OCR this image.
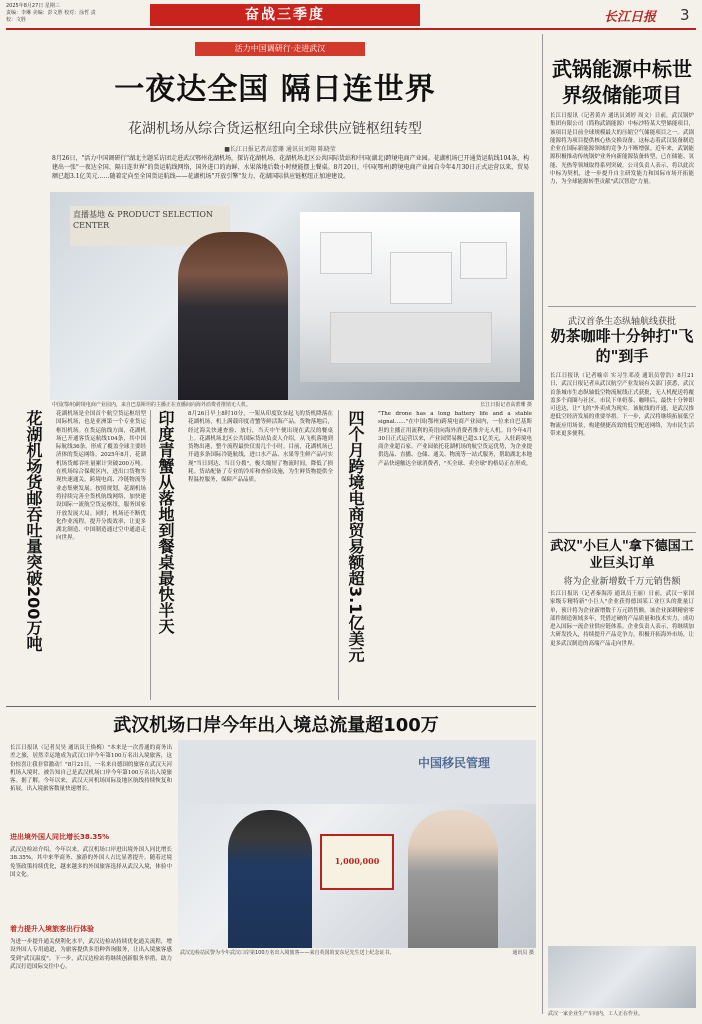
2025年8月27日 星期三
责编：李琳 美编：彭文胜 校对：涂哲 责校：文胜	奋战三季度	长江日报 3
活力中国调研行·走进武汉
一夜达全国 隔日连世界
花湖机场从综合货运枢纽向全球供应链枢纽转型
■长江日报记者高蕾珊 通讯员刘翔 陈晓莹
8月26日，"活力中国调研行"湖北主题采访团走进武汉鄂州花湖机场，探访花湖机场、花湖机场北区公共国际货站和中国(湖北)跨境电商产业园。花湖机场已开通货运航线104条，构建出一张"一夜达全国、隔日连世界"的货运航线网络，国外进口的海鲜、水果落地后数小时便能摆上餐桌。8月20日，中国(鄂州)跨境电商产业园自今年4月30日正式运营以来，贸易额已超3.1亿美元……随着定向至全国货运航线——花湖机场"开放引擎"发力，花湖国际供应链枢纽正加速建设。
直播基地 & PRODUCT SELECTION CENTER
中国(鄂州)跨境电商产业园内，来自巴基斯坦的主播正在直播间向海外消费者推销无人机。	长江日报记者高蕾珊 摄
花湖机场货邮吞吐量突破200万吨	花湖机场是全国首个航空货运枢纽型国际机场，也是亚洲第一个专业货运枢纽机场。在货运航线方面，花湖机场已开通客货运航线104条，其中国际航线36条，形成了覆盖全球主要经济体的货运网络。2025年8月，花湖机场货邮吞吐量累计突破200万吨。在机场综合保税区内，进出口货物实现快速通关，跨境电商、冷链物流等业态集聚发展。按照规划，花湖机场将持续完善全货机航线网络，加快建设国际一流航空货运枢纽，服务国家开放发展大局。同时，机场还不断优化作业流程，提升分拨效率，让更多湖北制造、中国制造通过空中通道走向世界。	印度青蟹从落地到餐桌最快半天	8月26日早上8时10分，一架从印度钦奈起飞的货机降落在花湖机场，机上满载印度青蟹等鲜活海产品。货物落地后，经过海关快速查验、放行，当天中午便出现在武汉的餐桌上。花湖机场北区公共国际货站负责人介绍，从飞机落地到货物出港，整个流程最快仅需几个小时。目前，花湖机场已开通多条国际冷链航线，进口水产品、水果等生鲜产品可实现"当日到达、当日分拨"，极大缩短了物流时间，降低了损耗。货站配备了专业的冷库和查验设施，为生鲜货物提供全程温控服务，保障产品品质。	四个月跨境电商贸易额超3.1亿美元	"The drone has a long battery life and a stable signal……"在中国(鄂州)跨境电商产业园内，一位来自巴基斯坦的主播正用流利的英语向海外消费者推介无人机。自今年4月30日正式运营以来，产业园贸易额已超3.1亿美元，入驻跨境电商企业超百家。产业园依托花湖机场的航空货运优势，为企业提供选品、直播、仓储、通关、物流等一站式服务，帮助湖北本地产品快速触达全球消费者，"买全球、卖全球"的格局正在形成。
武锅能源中标世界级储能项目
长江日报讯（记者黄卉 通讯员刘婷 周文）日前，武汉锅炉集团有限公司（简称武锅能源）中标沙特某大型储能项目，该项目是目前全球规模最大的压缩空气储能项目之一。武锅能源将为项目提供核心热交换设备，这标志着武汉装备制造企业在国际新能源领域的竞争力不断增强。近年来，武锅能源积极推动传统锅炉业务向新能源装备转型，已在储能、氢能、光热等领域取得系列突破。公司负责人表示，将以此次中标为契机，进一步提升自主研发能力和国际市场开拓能力，为全球能源转型贡献"武汉智造"力量。
武汉首条生态纵轴航线获批
奶茶咖啡十分钟打"飞的"到手
长江日报讯（记者喻卓 实习生邓凌 通讯员曾浩）8月21日，武汉日报记者从武汉航空产业发展有关部门获悉，武汉首条城市生态纵轴低空物流航线正式获批，无人机配送将覆盖多个商圈与社区。市民下单奶茶、咖啡后，最快十分钟即可送达，让"飞的"外卖成为现实。该航线的开通，是武汉推进低空经济发展的重要举措。下一步，武汉将继续拓展低空物流应用场景，构建便捷高效的低空配送网络，为市民生活带来更多便利。
武汉"小巨人"拿下德国工业巨头订单
将为企业新增数千万元销售额
长江日报讯（记者秦海涛 通讯员王丽）日前，武汉一家国家级专精特新"小巨人"企业获得德国某工业巨头的批量订单，预计将为企业新增数千万元销售额。该企业深耕精密零部件制造领域多年，凭借过硬的产品质量和技术实力，成功进入国际一流企业供应链体系。企业负责人表示，将继续加大研发投入，持续提升产品竞争力，积极开拓海外市场，让更多武汉制造的高端产品走向世界。
武汉一家企业生产车间内，工人正在作业。
武汉机场口岸今年出入境总流量超100万
长江日报讯（记者吴昊 通讯员王焕梅）"本来是一次普通的商务出差之旅，居然幸运地成为武汉口岸今年第100万名出入境旅客，这份惊喜让我非常激动！"8月21日，一名来自德国的旅客在武汉天河机场入境时，被告知自己是武汉机场口岸今年第100万名出入境旅客。据了解，今年以来，武汉天河机场国际及地区航线持续恢复和拓展，出入境旅客数量快速增长。
进出境外国人同比增长38.35%
武汉边检站介绍，今年以来，武汉机场口岸进出境外国人同比增长38.35%，其中来华商务、旅游的外国人占比显著提升。随着过境免签政策持续优化，越来越多的外国旅客选择从武汉入境，体验中国文化。
着力提升入境旅客出行体验
为进一步提升通关便利化水平，武汉边检站持续优化通关流程，增设外国人专用通道，为旅客提供多语种咨询服务，让出入境旅客感受到"武汉温度"。下一步，武汉边检站将继续创新服务举措，助力武汉打造国际交往中心。
中国移民管理
1,000,000
武汉边检站民警为今年武汉口岸第100万名出入境旅客——来自英国的安东尼先生送上纪念证书。	通讯员 摄
